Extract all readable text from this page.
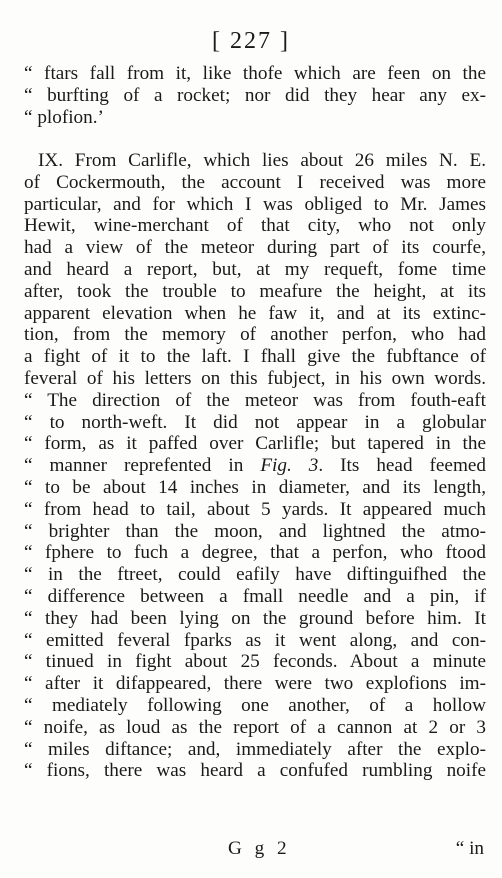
[ 227 ]
“ ftars fall from it, like thofe which are feen on the
“ burfting of a rocket; nor did they hear any ex-
“ plofion.’
IX. From Carlifle, which lies about 26 miles N. E.
of Cockermouth, the account I received was more
particular, and for which I was obliged to Mr. James
Hewit, wine-merchant of that city, who not only
had a view of the meteor during part of its courfe,
and heard a report, but, at my requeft, fome time
after, took the trouble to meafure the height, at its
apparent elevation when he faw it, and at its extinc-
tion, from the memory of another perfon, who had
a fight of it to the laft. I fhall give the fubftance of
feveral of his letters on this fubject, in his own words.
“ The direction of the meteor was from fouth-eaft
“ to north-weft. It did not appear in a globular
“ form, as it paffed over Carlifle; but tapered in the
“ manner reprefented in Fig. 3. Its head feemed
“ to be about 14 inches in diameter, and its length,
“ from head to tail, about 5 yards. It appeared much
“ brighter than the moon, and lightned the atmo-
“ fphere to fuch a degree, that a perfon, who ftood
“ in the ftreet, could eafily have diftinguifhed the
“ difference between a fmall needle and a pin, if
“ they had been lying on the ground before him. It
“ emitted feveral fparks as it went along, and con-
“ tinued in fight about 25 feconds. About a minute
“ after it difappeared, there were two explofions im-
“ mediately following one another, of a hollow
“ noife, as loud as the report of a cannon at 2 or 3
“ miles diftance; and, immediately after the explo-
“ fions, there was heard a confufed rumbling noife
G g 2	“ in
